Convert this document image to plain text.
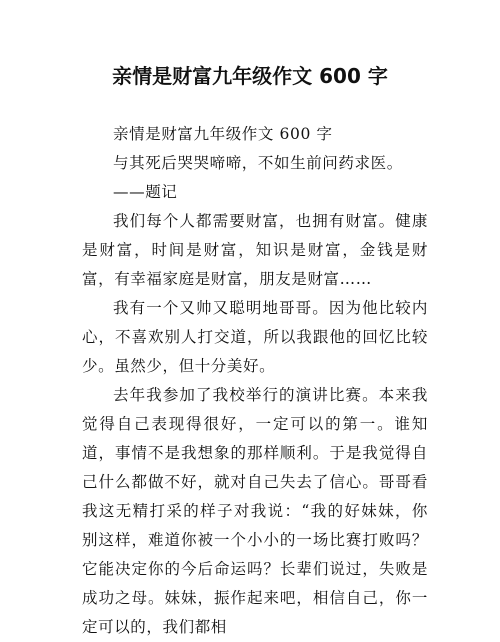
亲情是财富九年级作文 600 字

亲情是财富九年级作文 600 字

与其死后哭哭啼啼，不如生前问药求医。

——题记

我们每个人都需要财富，也拥有财富。健康是财富，时间是财富，知识是财富，金钱是财富，有幸福家庭是财富，朋友是财富……

我有一个又帅又聪明地哥哥。因为他比较内心，不喜欢别人打交道，所以我跟他的回忆比较少。虽然少，但十分美好。

去年我参加了我校举行的演讲比赛。本来我觉得自己表现得很好，一定可以的第一。谁知道，事情不是我想象的那样顺利。于是我觉得自己什么都做不好，就对自己失去了信心。哥哥看我这无精打采的样子对我说：“我的好妹妹，你别这样，难道你被一个小小的一场比赛打败吗？它能决定你的今后命运吗？长辈们说过，失败是成功之母。妹妹，振作起来吧，相信自己，你一定可以的，我们都相
